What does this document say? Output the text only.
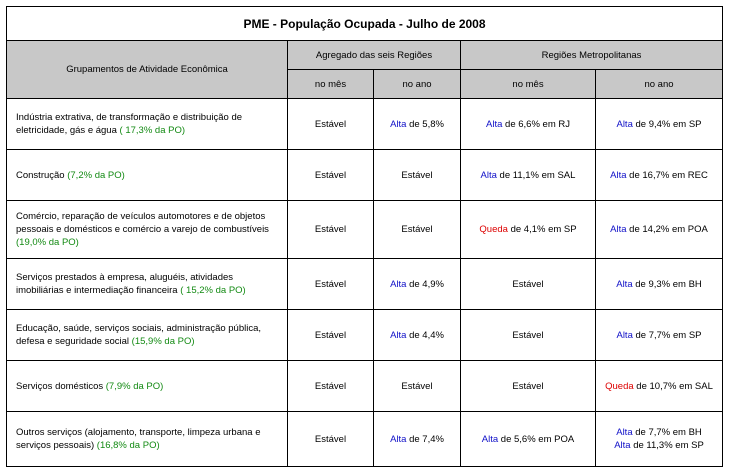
PME - População Ocupada - Julho de 2008				
Grupamentos de Atividade Econômica	Agregado das seis Regiões		Regiões Metropolitanas	
	no mês	no ano	no mês	no ano
Indústria extrativa, de transformação e distribuição de eletricidade, gás e água ( 17,3% da PO)	Estável	Alta de 5,8%	Alta de 6,6% em RJ	Alta de 9,4% em SP

Construção (7,2% da PO)	Estável	Estável	Alta de 11,1% em SAL	Alta de 16,7% em REC

Comércio, reparação de veículos automotores e de objetos pessoais e domésticos e comércio a varejo de combustíveis (19,0% da PO)	Estável	Estável	Queda de 4,1% em SP	Alta de 14,2% em POA

Serviços prestados à empresa, aluguéis, atividades imobiliárias e intermediação financeira ( 15,2% da PO)	Estável	Alta de 4,9%	Estável	Alta de 9,3% em BH

Educação, saúde, serviços sociais, administração pública, defesa e seguridade social (15,9% da PO)	Estável	Alta de 4,4%	Estável	Alta de 7,7% em SP

Serviços domésticos (7,9% da PO)	Estável	Estável	Estável	Queda de 10,7% em SAL

Outros serviços (alojamento, transporte, limpeza urbana e serviços pessoais) (16,8% da PO)	Estável	Alta de 7,4%	Alta de 5,6% em POA	Alta de 7,7% em BH
Alta de 11,3% em SP
